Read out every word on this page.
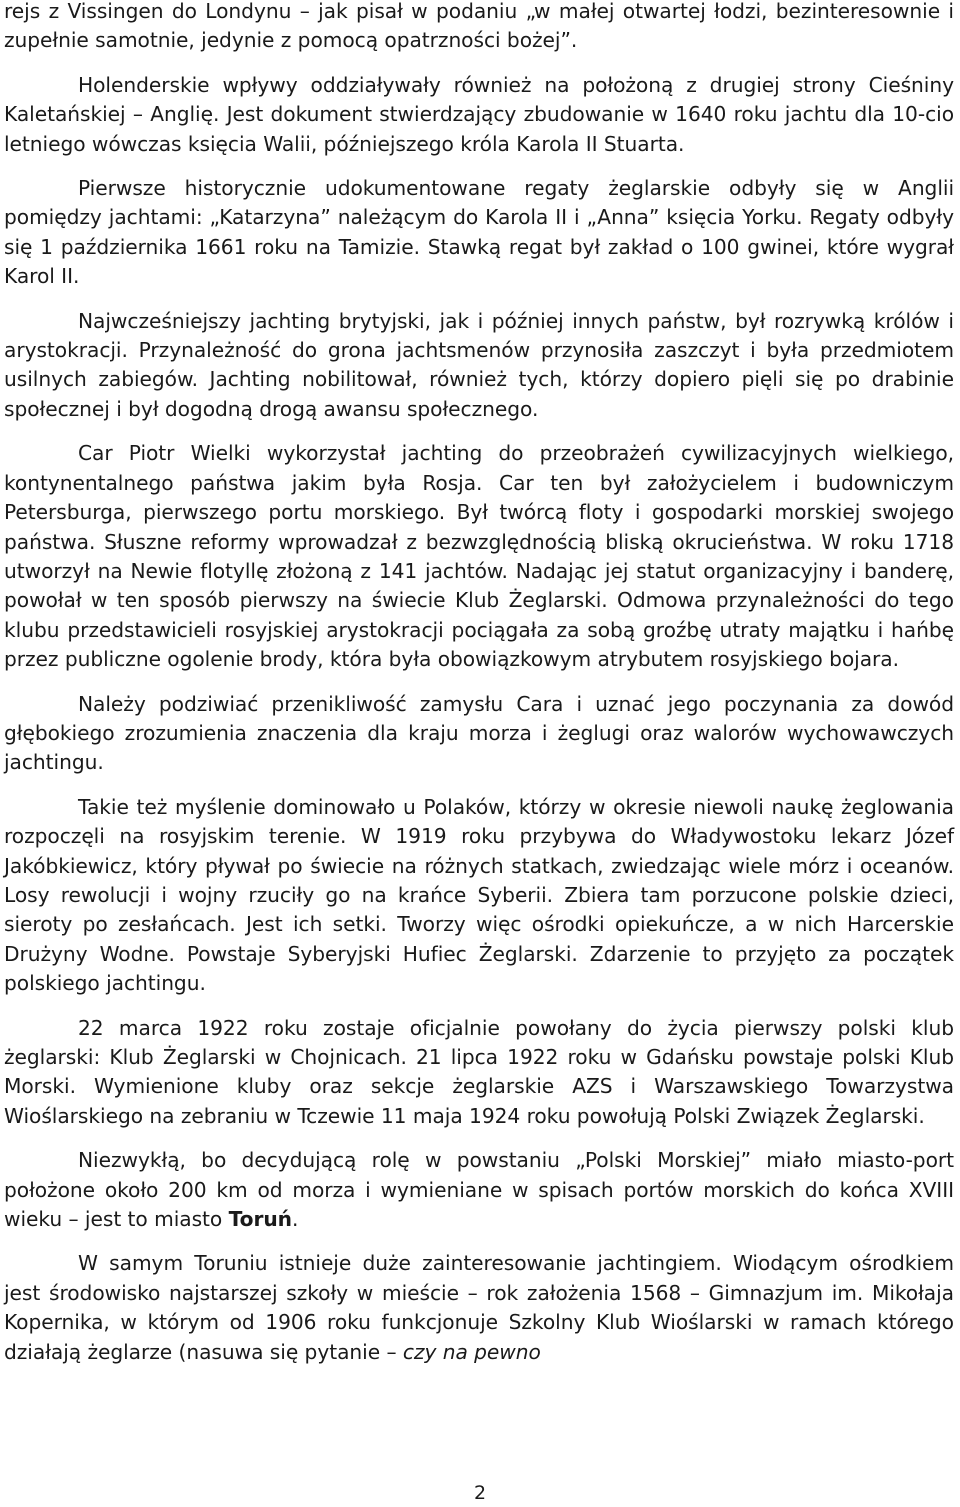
rejs z Vissingen do Londynu – jak pisał w podaniu „w małej otwartej łodzi, bezinteresownie i zupełnie samotnie, jedynie z pomocą opatrzności bożej”.

Holenderskie wpływy oddziaływały również na położoną z drugiej strony Cieśniny Kaletańskiej – Anglię. Jest dokument stwierdzający zbudowanie w 1640 roku jachtu dla 10-cio letniego wówczas księcia Walii, późniejszego króla Karola II Stuarta.

Pierwsze historycznie udokumentowane regaty żeglarskie odbyły się w Anglii pomiędzy jachtami: „Katarzyna” należącym do Karola II i „Anna” księcia Yorku. Regaty odbyły się 1 października 1661 roku na Tamizie. Stawką regat był zakład o 100 gwinei, które wygrał Karol II.

Najwcześniejszy jachting brytyjski, jak i później innych państw, był rozrywką królów i arystokracji. Przynależność do grona jachtsmenów przynosiła zaszczyt i była przedmiotem usilnych zabiegów. Jachting nobilitował, również tych, którzy dopiero pięli się po drabinie społecznej i był dogodną drogą awansu społecznego.

Car Piotr Wielki wykorzystał jachting do przeobrażeń cywilizacyjnych wielkiego, kontynentalnego państwa jakim była Rosja. Car ten był założycielem i budowniczym Petersburga, pierwszego portu morskiego. Był twórcą floty i gospodarki morskiej swojego państwa. Słuszne reformy wprowadzał z bezwzględnością bliską okrucieństwa. W roku 1718 utworzył na Newie flotyllę złożoną z 141 jachtów. Nadając jej statut organizacyjny i banderę, powołał w ten sposób pierwszy na świecie Klub Żeglarski. Odmowa przynależności do tego klubu przedstawicieli rosyjskiej arystokracji pociągała za sobą groźbę utraty majątku i hańbę przez publiczne ogolenie brody, która była obowiązkowym atrybutem rosyjskiego bojara.

Należy podziwiać przenikliwość zamysłu Cara i uznać jego poczynania za dowód głębokiego zrozumienia znaczenia dla kraju morza i żeglugi oraz walorów wychowawczych jachtingu.

Takie też myślenie dominowało u Polaków, którzy w okresie niewoli naukę żeglowania rozpoczęli na rosyjskim terenie. W 1919 roku przybywa do Władywostoku lekarz Józef Jakóbkiewicz, który pływał po świecie na różnych statkach, zwiedzając wiele mórz i oceanów. Losy rewolucji i wojny rzuciły go na krańce Syberii. Zbiera tam porzucone polskie dzieci, sieroty po zesłańcach. Jest ich setki. Tworzy więc ośrodki opiekuńcze, a w nich Harcerskie Drużyny Wodne. Powstaje Syberyjski Hufiec Żeglarski. Zdarzenie to przyjęto za początek polskiego jachtingu.

22 marca 1922 roku zostaje oficjalnie powołany do życia pierwszy polski klub żeglarski: Klub Żeglarski w Chojnicach. 21 lipca 1922 roku w Gdańsku powstaje polski Klub Morski. Wymienione kluby oraz sekcje żeglarskie AZS i Warszawskiego Towarzystwa Wioślarskiego na zebraniu w Tczewie 11 maja 1924 roku powołują Polski Związek Żeglarski.

Niezwykłą, bo decydującą rolę w powstaniu „Polski Morskiej” miało miasto-port położone około 200 km od morza i wymieniane w spisach portów morskich do końca XVIII wieku – jest to miasto Toruń.

W samym Toruniu istnieje duże zainteresowanie jachtingiem. Wiodącym ośrodkiem jest środowisko najstarszej szkoły w mieście – rok założenia 1568 – Gimnazjum im. Mikołaja Kopernika, w którym od 1906 roku funkcjonuje Szkolny Klub Wioślarski w ramach którego działają żeglarze (nasuwa się pytanie – czy na pewno

2
